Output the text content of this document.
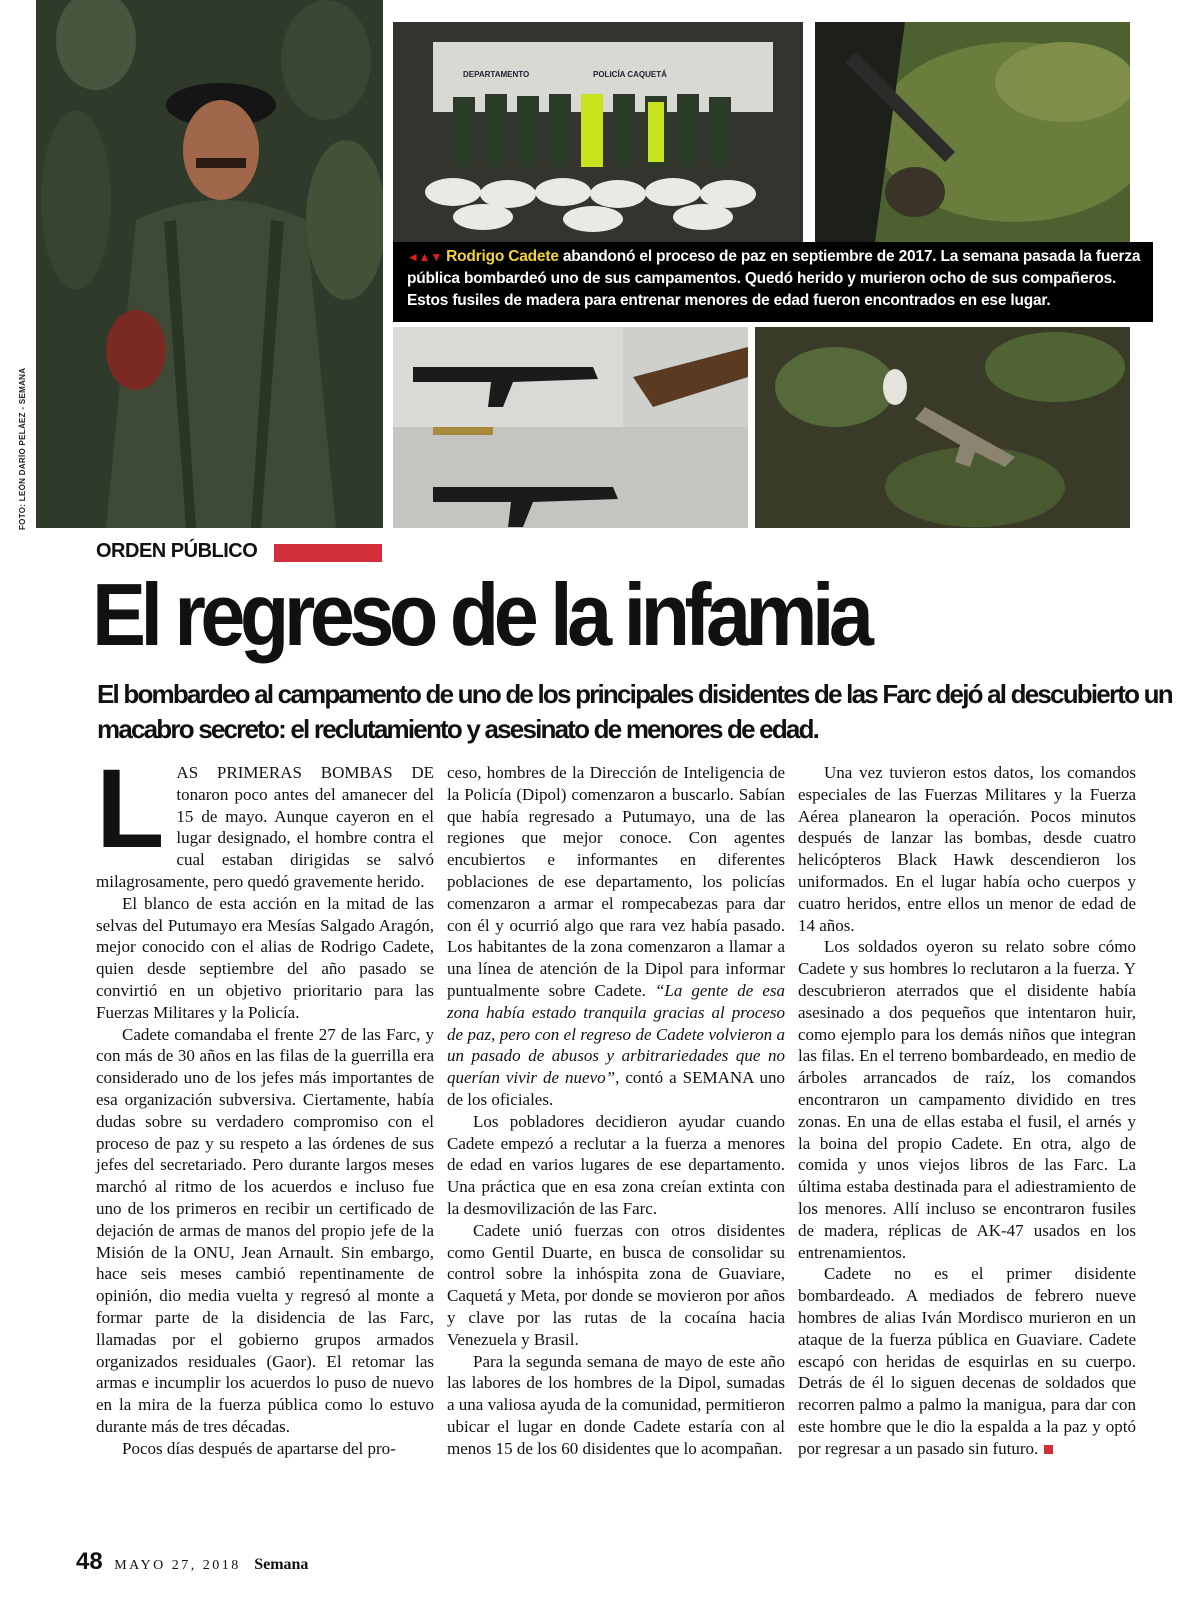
DEPARTAMENTO	POLICÍA CAQUETÁ
◄▲▼ Rodrigo Cadete abandonó el proceso de paz en septiembre de 2017. La semana pasada la fuerza pública bombardeó uno de sus campamentos. Quedó herido y murieron ocho de sus compañeros. Estos fusiles de madera para entrenar menores de edad fueron encontrados en ese lugar.
FOTO: LEÓN DARÍO PELÁEZ - SEMANA
ORDEN PÚBLICO
El regreso de la infamia
El bombardeo al campamento de uno de los principales disidentes de las Farc dejó al descubierto un macabro secreto: el reclutamiento y asesinato de menores de edad.

LAS PRIMERAS BOMBAS DE tonaron poco antes del amanecer del 15 de mayo. Aunque cayeron en el lugar designado, el hombre contra el cual estaban dirigidas se salvó milagrosamente, pero quedó gravemente herido.

El blanco de esta acción en la mitad de las selvas del Putumayo era Mesías Salgado Aragón, mejor conocido con el alias de Rodrigo Cadete, quien desde septiembre del año pasado se convirtió en un objetivo prioritario para las Fuerzas Militares y la Policía.

Cadete comandaba el frente 27 de las Farc, y con más de 30 años en las filas de la guerrilla era considerado uno de los jefes más importantes de esa organización subversiva. Ciertamente, había dudas sobre su verdadero compromiso con el proceso de paz y su respeto a las órdenes de sus jefes del secretariado. Pero durante largos meses marchó al ritmo de los acuerdos e incluso fue uno de los primeros en recibir un certificado de dejación de armas de manos del propio jefe de la Misión de la ONU, Jean Arnault. Sin embargo, hace seis meses cambió repentinamente de opinión, dio media vuelta y regresó al monte a formar parte de la disidencia de las Farc, llamadas por el gobierno grupos armados organizados residuales (Gaor). El retomar las armas e incumplir los acuerdos lo puso de nuevo en la mira de la fuerza pública como lo estuvo durante más de tres décadas.

Pocos días después de apartarse del pro-

ceso, hombres de la Dirección de Inteligencia de la Policía (Dipol) comenzaron a buscarlo. Sabían que había regresado a Putumayo, una de las regiones que mejor conoce. Con agentes encubiertos e informantes en diferentes poblaciones de ese departamento, los policías comenzaron a armar el rompecabezas para dar con él y ocurrió algo que rara vez había pasado. Los habitantes de la zona comenzaron a llamar a una línea de atención de la Dipol para informar puntualmente sobre Cadete. “La gente de esa zona había estado tranquila gracias al proceso de paz, pero con el regreso de Cadete volvieron a un pasado de abusos y arbitrariedades que no querían vivir de nuevo”, contó a SEMANA uno de los oficiales.

Los pobladores decidieron ayudar cuando Cadete empezó a reclutar a la fuerza a menores de edad en varios lugares de ese departamento. Una práctica que en esa zona creían extinta con la desmovilización de las Farc.

Cadete unió fuerzas con otros disidentes como Gentil Duarte, en busca de consolidar su control sobre la inhóspita zona de Guaviare, Caquetá y Meta, por donde se movieron por años y clave por las rutas de la cocaína hacia Venezuela y Brasil.

Para la segunda semana de mayo de este año las labores de los hombres de la Dipol, sumadas a una valiosa ayuda de la comunidad, permitieron ubicar el lugar en donde Cadete estaría con al menos 15 de los 60 disidentes que lo acompañan.

Una vez tuvieron estos datos, los comandos especiales de las Fuerzas Militares y la Fuerza Aérea planearon la operación. Pocos minutos después de lanzar las bombas, desde cuatro helicópteros Black Hawk descendieron los uniformados. En el lugar había ocho cuerpos y cuatro heridos, entre ellos un menor de edad de 14 años.

Los soldados oyeron su relato sobre cómo Cadete y sus hombres lo reclutaron a la fuerza. Y descubrieron aterrados que el disidente había asesinado a dos pequeños que intentaron huir, como ejemplo para los demás niños que integran las filas. En el terreno bombardeado, en medio de árboles arrancados de raíz, los comandos encontraron un campamento dividido en tres zonas. En una de ellas estaba el fusil, el arnés y la boina del propio Cadete. En otra, algo de comida y unos viejos libros de las Farc. La última estaba destinada para el adiestramiento de los menores. Allí incluso se encontraron fusiles de madera, réplicas de AK-47 usados en los entrenamientos.

Cadete no es el primer disidente bombardeado. A mediados de febrero nueve hombres de alias Iván Mordisco murieron en un ataque de la fuerza pública en Guaviare. Cadete escapó con heridas de esquirlas en su cuerpo. Detrás de él lo siguen decenas de soldados que recorren palmo a palmo la manigua, para dar con este hombre que le dio la espalda a la paz y optó por regresar a un pasado sin futuro.

48 MAYO 27, 2018 Semana
